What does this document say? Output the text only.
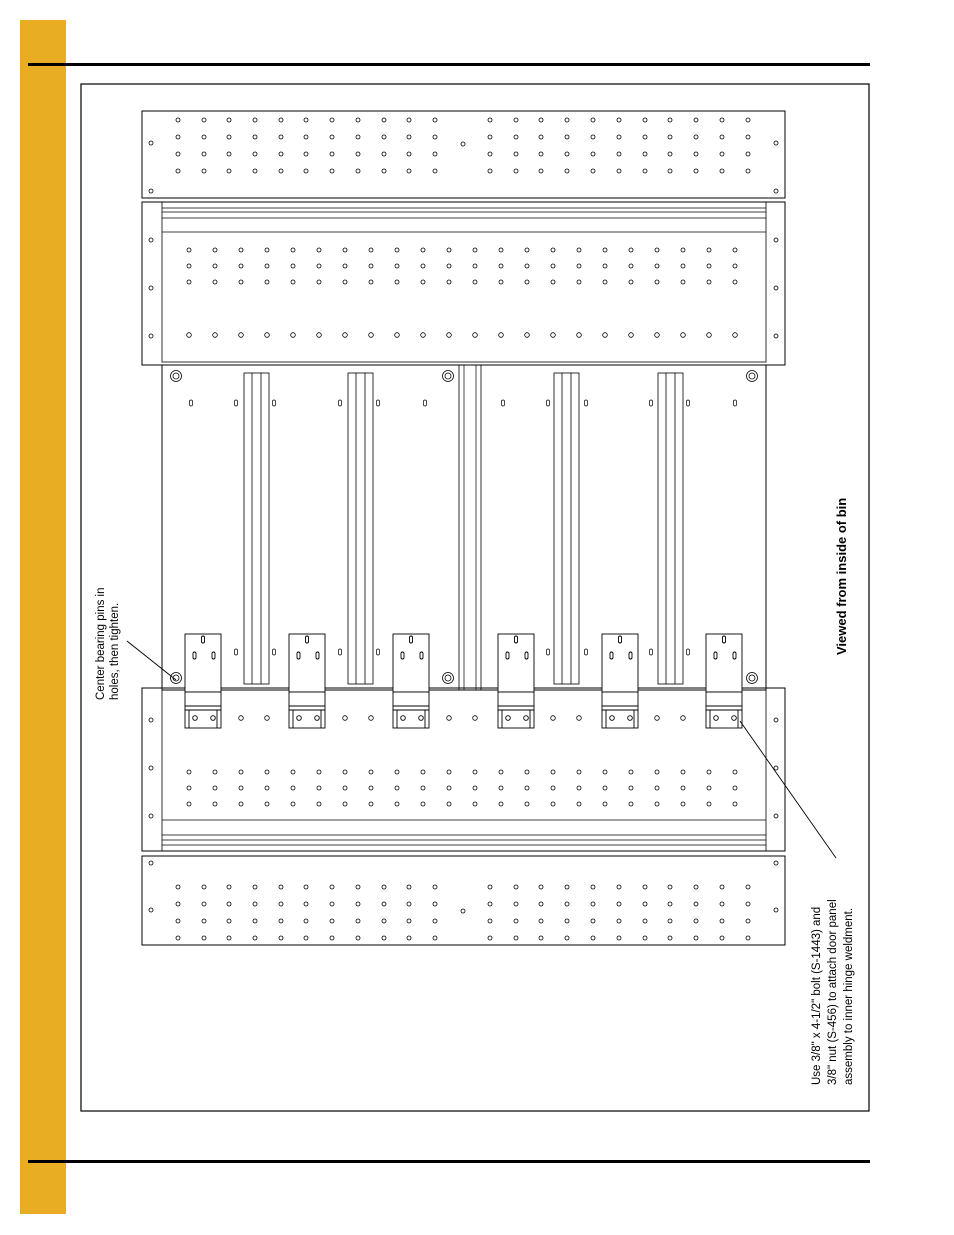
Viewed from inside of bin
Center bearing pins in holes, then tighten.
Use 3/8" x 4-1/2" bolt (S-1443) and 3/8" nut (S-456) to attach door panel assembly to inner hinge weldment.
